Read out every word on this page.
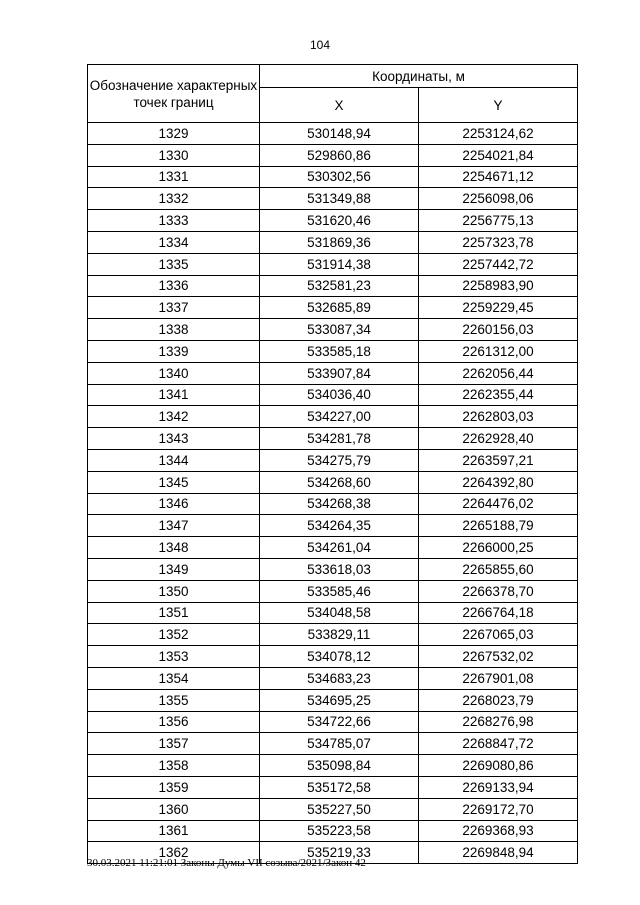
104
Обозначение характерных точек границ	Координаты, м	
	X	Y
1329	530148,94	2253124,62
1330	529860,86	2254021,84
1331	530302,56	2254671,12
1332	531349,88	2256098,06
1333	531620,46	2256775,13
1334	531869,36	2257323,78
1335	531914,38	2257442,72
1336	532581,23	2258983,90
1337	532685,89	2259229,45
1338	533087,34	2260156,03
1339	533585,18	2261312,00
1340	533907,84	2262056,44
1341	534036,40	2262355,44
1342	534227,00	2262803,03
1343	534281,78	2262928,40
1344	534275,79	2263597,21
1345	534268,60	2264392,80
1346	534268,38	2264476,02
1347	534264,35	2265188,79
1348	534261,04	2266000,25
1349	533618,03	2265855,60
1350	533585,46	2266378,70
1351	534048,58	2266764,18
1352	533829,11	2267065,03
1353	534078,12	2267532,02
1354	534683,23	2267901,08
1355	534695,25	2268023,79
1356	534722,66	2268276,98
1357	534785,07	2268847,72
1358	535098,84	2269080,86
1359	535172,58	2269133,94
1360	535227,50	2269172,70
1361	535223,58	2269368,93
1362	535219,33	2269848,94
30.03.2021 11:21:01 Законы Думы VII созыва/2021/Закон 42
